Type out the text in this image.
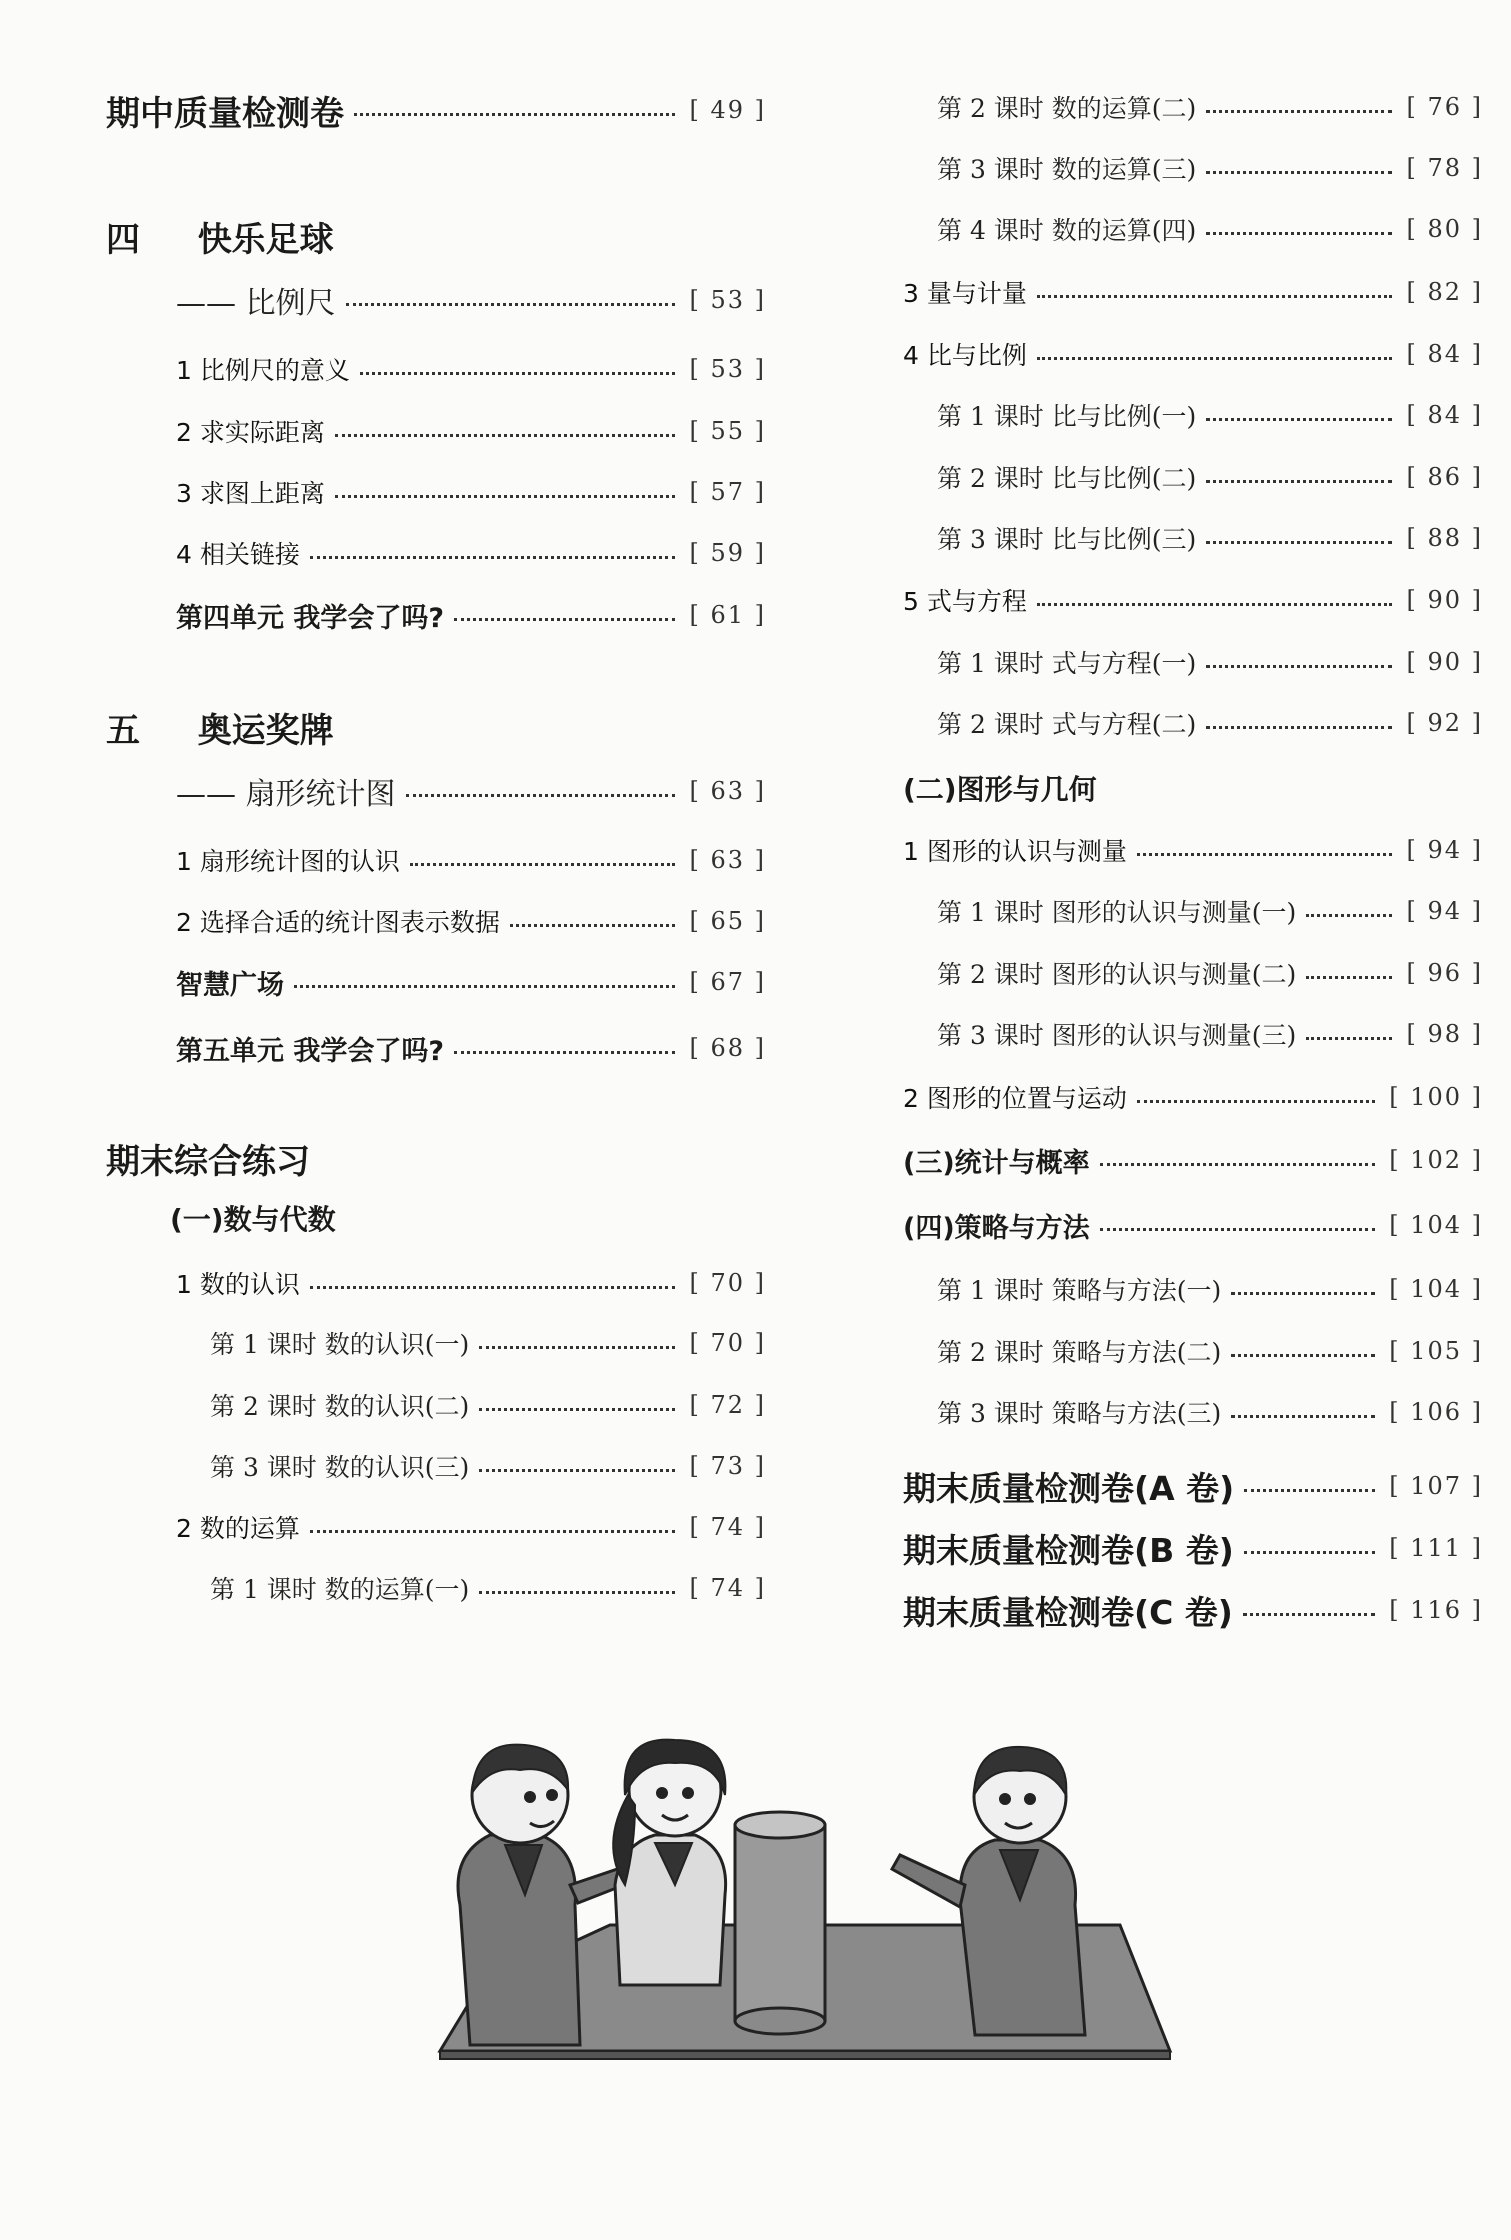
期中质量检测卷	[ 49 ]
四 快乐足球
—— 比例尺	[ 53 ]
1 比例尺的意义	[ 53 ]
2 求实际距离	[ 55 ]
3 求图上距离	[ 57 ]
4 相关链接	[ 59 ]
第四单元 我学会了吗?	[ 61 ]
五 奥运奖牌
—— 扇形统计图	[ 63 ]
1 扇形统计图的认识	[ 63 ]
2 选择合适的统计图表示数据	[ 65 ]
智慧广场	[ 67 ]
第五单元 我学会了吗?	[ 68 ]
期末综合练习
(一)数与代数
1 数的认识	[ 70 ]
第 1 课时 数的认识(一)	[ 70 ]
第 2 课时 数的认识(二)	[ 72 ]
第 3 课时 数的认识(三)	[ 73 ]
2 数的运算	[ 74 ]
第 1 课时 数的运算(一)	[ 74 ]
第 2 课时 数的运算(二)	[ 76 ]
第 3 课时 数的运算(三)	[ 78 ]
第 4 课时 数的运算(四)	[ 80 ]
3 量与计量	[ 82 ]
4 比与比例	[ 84 ]
第 1 课时 比与比例(一)	[ 84 ]
第 2 课时 比与比例(二)	[ 86 ]
第 3 课时 比与比例(三)	[ 88 ]
5 式与方程	[ 90 ]
第 1 课时 式与方程(一)	[ 90 ]
第 2 课时 式与方程(二)	[ 92 ]
(二)图形与几何
1 图形的认识与测量	[ 94 ]
第 1 课时 图形的认识与测量(一)	[ 94 ]
第 2 课时 图形的认识与测量(二)	[ 96 ]
第 3 课时 图形的认识与测量(三)	[ 98 ]
2 图形的位置与运动	[ 100 ]
(三)统计与概率	[ 102 ]
(四)策略与方法	[ 104 ]
第 1 课时 策略与方法(一)	[ 104 ]
第 2 课时 策略与方法(二)	[ 105 ]
第 3 课时 策略与方法(三)	[ 106 ]
期末质量检测卷(A 卷)	[ 107 ]
期末质量检测卷(B 卷)	[ 111 ]
期末质量检测卷(C 卷)	[ 116 ]
